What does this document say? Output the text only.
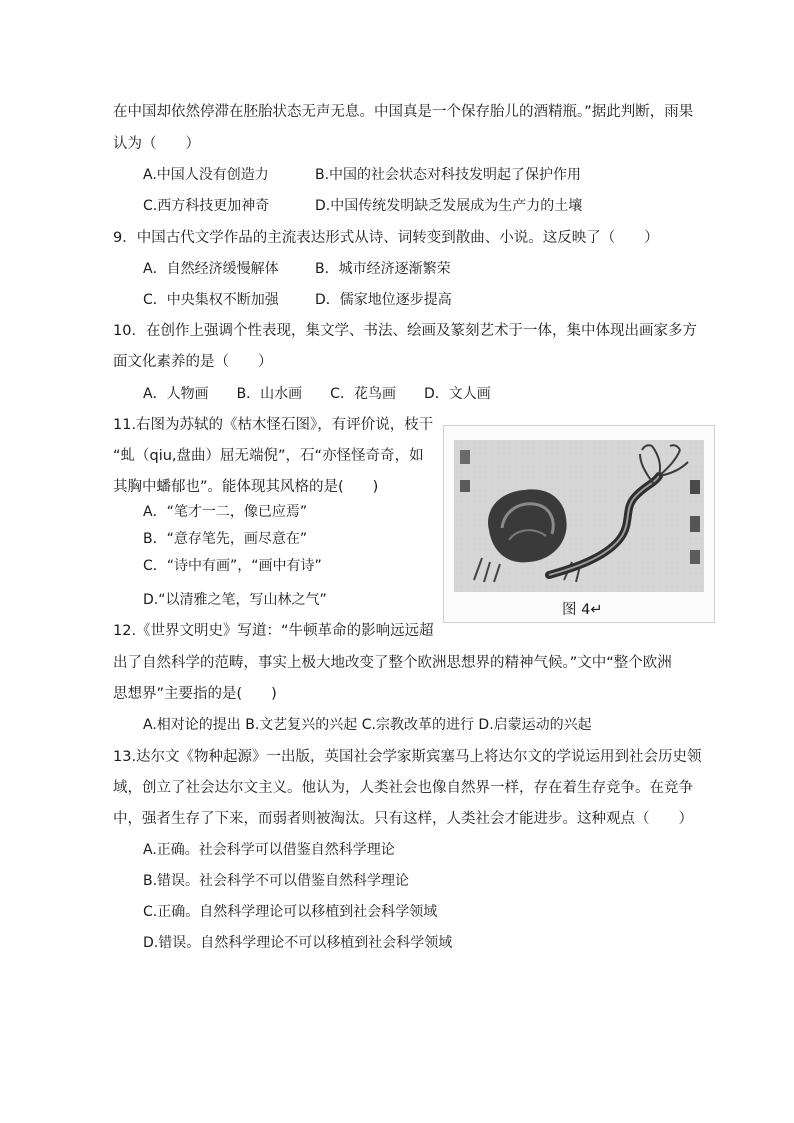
在中国却依然停滞在胚胎状态无声无息。中国真是一个保存胎儿的酒精瓶。”据此判断，雨果
认为（　　）
A.中国人没有创造力	B.中国的社会状态对科技发明起了保护作用
C.西方科技更加神奇	D.中国传统发明缺乏发展成为生产力的土壤
9．中国古代文学作品的主流表达形式从诗、词转变到散曲、小说。这反映了（　　）
A．自然经济缓慢解体	B．城市经济逐渐繁荣
C．中央集权不断加强	D．儒家地位逐步提高
10．在创作上强调个性表现，集文学、书法、绘画及篆刻艺术于一体，集中体现出画家多方
面文化素养的是（　　）
A．人物画　　B．山水画　　C．花鸟画　　D．文人画
11.右图为苏轼的《枯木怪石图》，有评价说，枝干
“虬（qiu,盘曲）屈无端倪”，石“亦怪怪奇奇，如
其胸中蟠郁也”。能体现其风格的是(　　)
A．“笔才一二，像已应焉”
B．“意存笔先，画尽意在”
C．“诗中有画”，“画中有诗”
D.“以清雅之笔，写山林之气”
图 4↵
12.《世界文明史》写道：“牛顿革命的影响远远超
出了自然科学的范畴，事实上极大地改变了整个欧洲思想界的精神气候。”文中“整个欧洲
思想界”主要指的是(　　)
A.相对论的提出 B.文艺复兴的兴起 C.宗教改革的进行 D.启蒙运动的兴起
13.达尔文《物种起源》一出版，英国社会学家斯宾塞马上将达尔文的学说运用到社会历史领
域，创立了社会达尔文主义。他认为，人类社会也像自然界一样，存在着生存竞争。在竞争
中，强者生存了下来，而弱者则被淘汰。只有这样，人类社会才能进步。这种观点（　　）
A.正确。社会科学可以借鉴自然科学理论
B.错误。社会科学不可以借鉴自然科学理论
C.正确。自然科学理论可以移植到社会科学领域
D.错误。自然科学理论不可以移植到社会科学领域
